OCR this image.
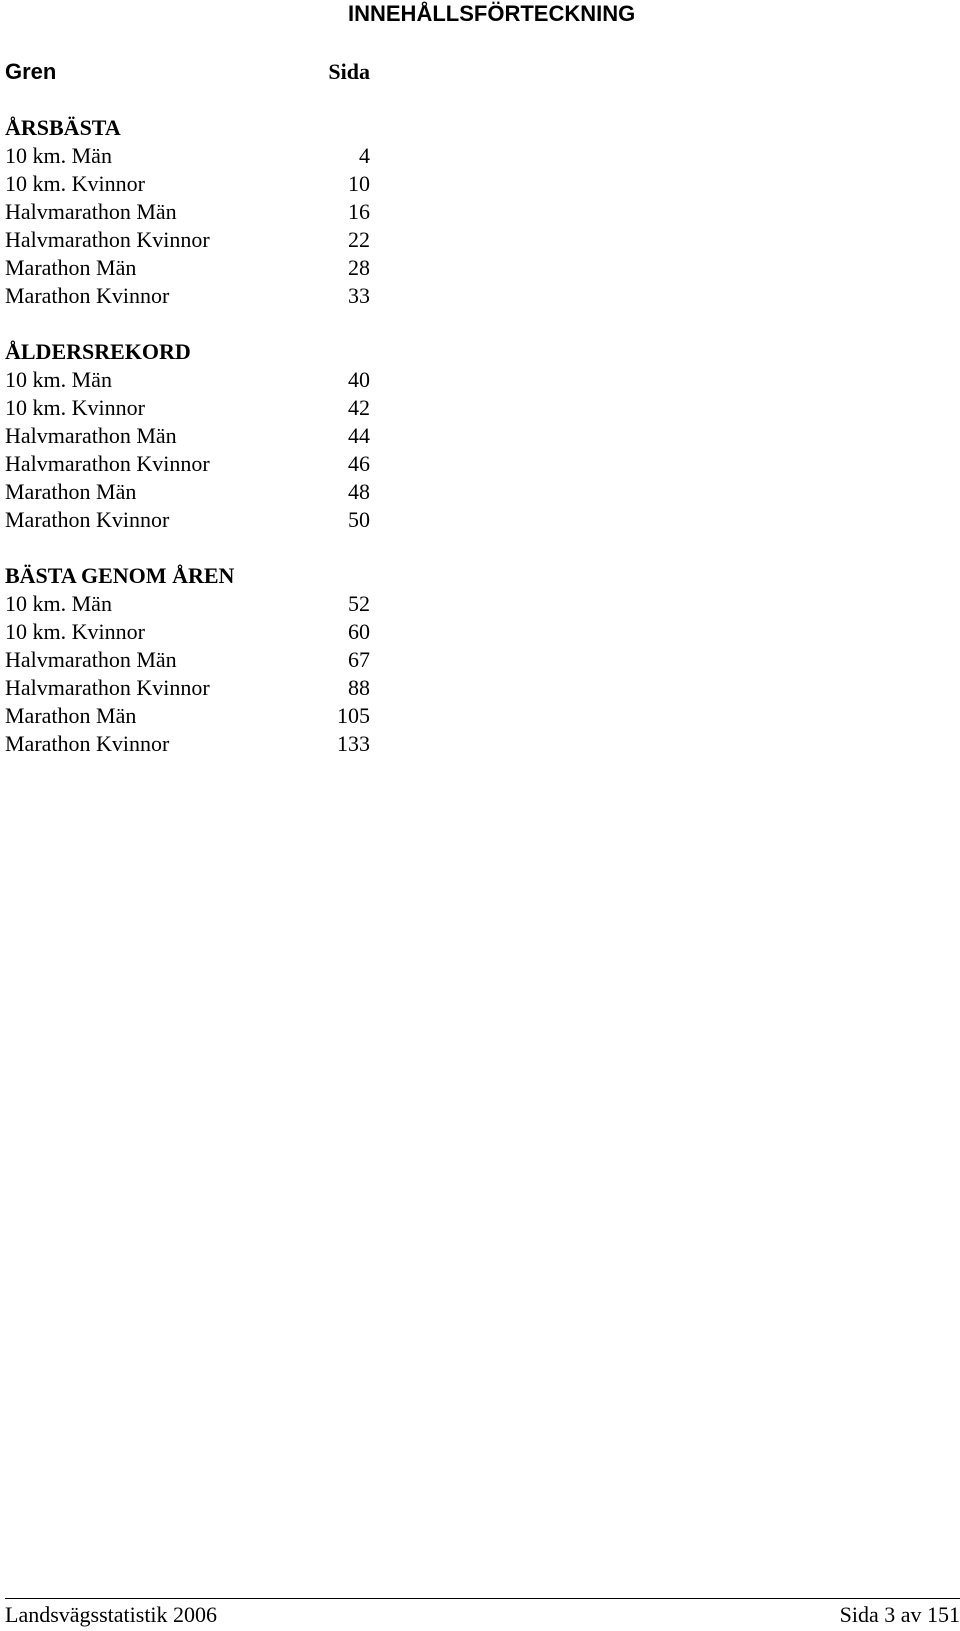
INNEHÅLLSFÖRTECKNING
Gren	Sida
ÅRSBÄSTA
10 km. Män	4
10 km. Kvinnor	10
Halvmarathon Män	16
Halvmarathon Kvinnor	22
Marathon Män	28
Marathon Kvinnor	33
ÅLDERSREKORD
10 km. Män	40
10 km. Kvinnor	42
Halvmarathon Män	44
Halvmarathon Kvinnor	46
Marathon Män	48
Marathon Kvinnor	50
BÄSTA GENOM ÅREN
10 km. Män	52
10 km. Kvinnor	60
Halvmarathon Män	67
Halvmarathon Kvinnor	88
Marathon Män	105
Marathon Kvinnor	133
Landsvägsstatistik 2006	Sida 3 av 151
